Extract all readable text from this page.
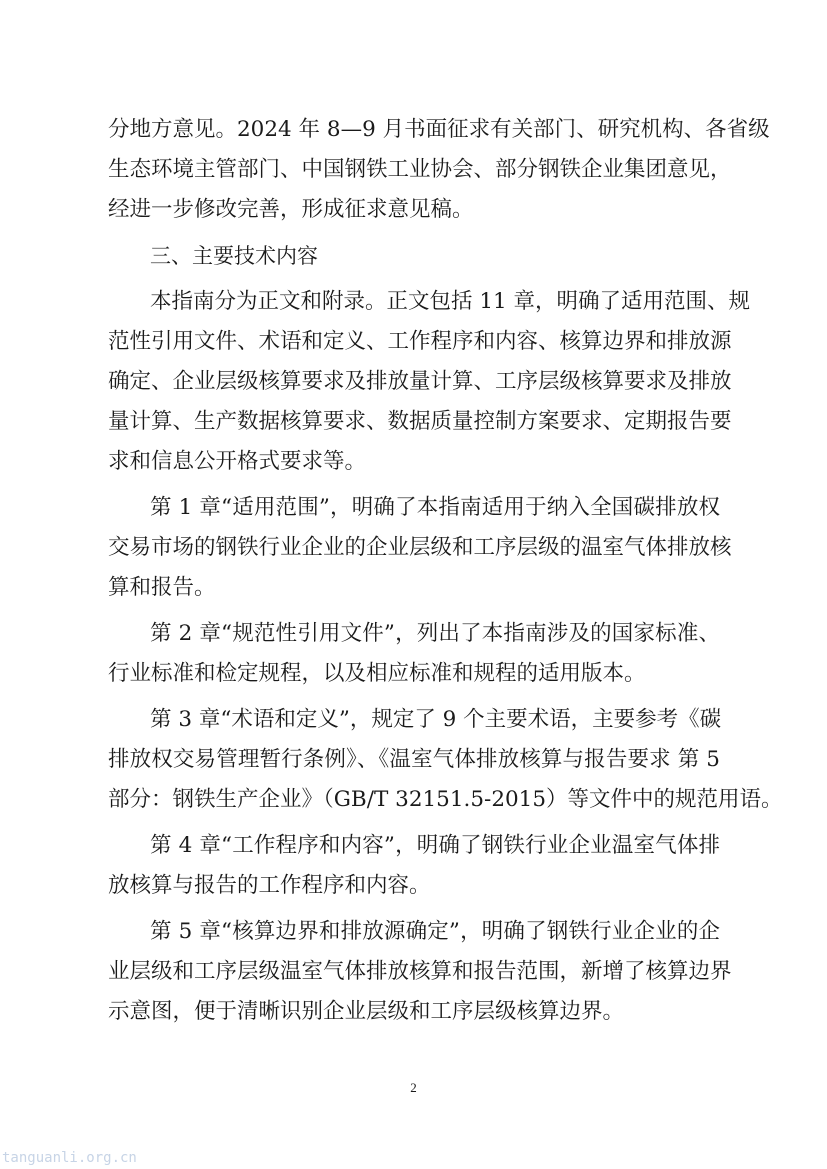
分地方意见。2024 年 8—9 月书面征求有关部门、研究机构、各省级
生态环境主管部门、中国钢铁工业协会、部分钢铁企业集团意见，
经进一步修改完善，形成征求意见稿。
三、主要技术内容
本指南分为正文和附录。正文包括 11 章，明确了适用范围、规
范性引用文件、术语和定义、工作程序和内容、核算边界和排放源
确定、企业层级核算要求及排放量计算、工序层级核算要求及排放
量计算、生产数据核算要求、数据质量控制方案要求、定期报告要
求和信息公开格式要求等。
第 1 章“适用范围”，明确了本指南适用于纳入全国碳排放权
交易市场的钢铁行业企业的企业层级和工序层级的温室气体排放核
算和报告。
第 2 章“规范性引用文件”，列出了本指南涉及的国家标准、
行业标准和检定规程，以及相应标准和规程的适用版本。
第 3 章“术语和定义”，规定了 9 个主要术语，主要参考《碳
排放权交易管理暂行条例》、《温室气体排放核算与报告要求 第 5
部分：钢铁生产企业》（GB/T 32151.5-2015）等文件中的规范用语。
第 4 章“工作程序和内容”，明确了钢铁行业企业温室气体排
放核算与报告的工作程序和内容。
第 5 章“核算边界和排放源确定”，明确了钢铁行业企业的企
业层级和工序层级温室气体排放核算和报告范围，新增了核算边界
示意图，便于清晰识别企业层级和工序层级核算边界。
2
tanguanli.org.cn
